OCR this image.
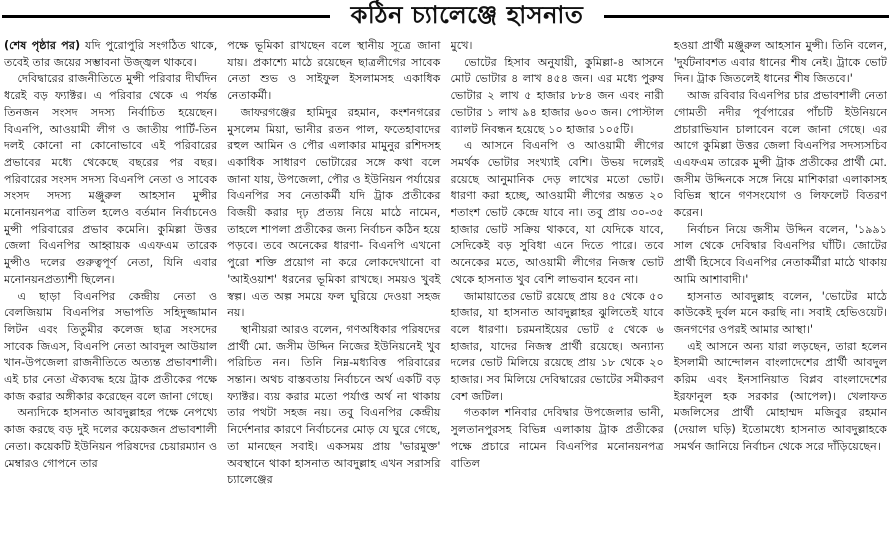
কঠিন চ্যালেঞ্জে হাসনাত

(শেষ পৃষ্ঠার পর) যদি পুরোপুরি সংগঠিত থাকে, তবেই তার জয়ের সম্ভাবনা উজ্জ্বল থাকবে।

দেবিদ্বারের রাজনীতিতে মুন্সী পরিবার দীর্ঘদিন ধরেই বড় ফ্যাক্টর। এ পরিবার থেকে এ পর্যন্ত তিনজন সংসদ সদস্য নির্বাচিত হয়েছেন। বিএনপি, আওয়ামী লীগ ও জাতীয় পার্টি-তিন দলই কোনো না কোনোভাবে এই পরিবারের প্রভাবের মধ্যে থেকেছে বছরের পর বছর। পরিবারের সংসদ সদস্য বিএনপি নেতা ও সাবেক সংসদ সদস্য মঞ্জুরুল আহসান মুন্সীর মনোনয়নপত্র বাতিল হলেও বর্তমান নির্বাচনেও মুন্সী পরিবারের প্রভাব কমেনি। কুমিল্লা উত্তর জেলা বিএনপির আহ্বায়ক এএফএম তারেক মুন্সীও দলের গুরুত্বপূর্ণ নেতা, যিনি এবার মনোনয়নপ্রত্যাশী ছিলেন।

এ ছাড়া বিএনপির কেন্দ্রীয় নেতা ও বেলজিয়াম বিএনপির সভাপতি সহিদুজ্জামান লিটন এবং তিতুমীর কলেজ ছাত্র সংসদের সাবেক জিএস, বিএনপি নেতা আবদুল আউয়াল খান-উপজেলা রাজনীতিতে অত্যন্ত প্রভাবশালী। এই চার নেতা ঐক্যবদ্ধ হয়ে ট্রাক প্রতীকের পক্ষে কাজ করার অঙ্গীকার করেছেন বলে জানা গেছে।

অন্যদিকে হাসনাত আবদুল্লাহর পক্ষে নেপথ্যে কাজ করছে বড় দুই দলের কয়েকজন প্রভাবশালী নেতা। কয়েকটি ইউনিয়ন পরিষদের চেয়ারম্যান ও মেম্বারও গোপনে তার

পক্ষে ভূমিকা রাখছেন বলে স্থানীয় সূত্রে জানা যায়। প্রকাশ্যে মাঠে রয়েছেন ছাত্রলীগের সাবেক নেতা শুভ ও সাইফুল ইসলামসহ একাধিক নেতাকর্মী।

জাফরগঞ্জের হামিদুর রহমান, কংশনগরের মুসলেম মিয়া, ভানীর রতন পাল, ফতেহাবাদের রহুল আমিন ও পৌর এলাকার মামুনুর রশিদসহ একাধিক সাধারণ ভোটারের সঙ্গে কথা বলে জানা যায়, উপজেলা, পৌর ও ইউনিয়ন পর্যায়ের বিএনপির সব নেতাকর্মী যদি ট্রাক প্রতীকের বিজয়ী করার দৃঢ় প্রত্যয় নিয়ে মাঠে নামেন, তাহলে শাপলা প্রতীকের জন্য নির্বাচন কঠিন হয়ে পড়বে। তবে অনেকের ধারণা- বিএনপি এখনো পুরো শক্তি প্রয়োগ না করে লোকদেখানো বা 'আইওয়াশ' ধরনের ভূমিকা রাখছে। সময়ও খুবই স্বল্প। এত অল্প সময়ে ফল ঘুরিয়ে দেওয়া সহজ নয়।

স্থানীয়রা আরও বলেন, গণঅধিকার পরিষদের প্রার্থী মো. জসীম উদ্দিন নিজের ইউনিয়নেই খুব পরিচিত নন। তিনি নিম্ন-মধ্যবিত্ত পরিবারের সন্তান। অথচ বাস্তবতায় নির্বাচনে অর্থ একটি বড় ফ্যাক্টর। ব্যয় করার মতো পর্যাপ্ত অর্থ না থাকায় তার পথটা সহজ নয়। তবু বিএনপির কেন্দ্রীয় নির্দেশনার কারণে নির্বাচনের মোড় যে ঘুরে গেছে, তা মানছেন সবাই। একসময় প্রায় 'ভারমুক্ত' অবস্থানে থাকা হাসনাত আবদুল্লাহ এখন সরাসরি চ্যালেঞ্জের

মুখে।

ভোটের হিসাব অনুযায়ী, কুমিল্লা-৪ আসনে মোট ভোটার ৪ লাখ ৪৫৪ জন। এর মধ্যে পুরুষ ভোটার ২ লাখ ৫ হাজার ৮৮৪ জন এবং নারী ভোটার ১ লাখ ৯৪ হাজার ৬০৩ জন। পোস্টাল ব্যালট নিবন্ধন হয়েছে ১০ হাজার ১০৫টি।

এ আসনে বিএনপি ও আওয়ামী লীগের সমর্থক ভোটার সংখ্যাই বেশি। উভয় দলেরই রয়েছে আনুমানিক দেড় লাখের মতো ভোট। ধারণা করা হচ্ছে, আওয়ামী লীগের অন্তত ২০ শতাংশ ভোট কেন্দ্রে যাবে না। তবু প্রায় ৩০-৩৫ হাজার ভোট সক্রিয় থাকবে, যা যেদিকে যাবে, সেদিকেই বড় সুবিধা এনে দিতে পারে। তবে অনেকের মতে, আওয়ামী লীগের নিজস্ব ভোট থেকে হাসনাত খুব বেশি লাভবান হবেন না।

জামায়াতের ভোট রয়েছে প্রায় ৪৫ থেকে ৫০ হাজার, যা হাসনাত আবদুল্লাহর ঝুলিতেই যাবে বলে ধারণা। চরমনাইয়ের ভোট ৫ থেকে ৬ হাজার, যাদের নিজস্ব প্রার্থী রয়েছে। অন্যান্য দলের ভোট মিলিয়ে রয়েছে প্রায় ১৮ থেকে ২০ হাজার। সব মিলিয়ে দেবিদ্বারের ভোটের সমীকরণ বেশ জটিল।

গতকাল শনিবার দেবিদ্বার উপজেলার ভানী, সুলতানপুরসহ বিভিন্ন এলাকায় ট্রাক প্রতীকের পক্ষে প্রচারে নামেন বিএনপির মনোনয়নপত্র বাতিল

হওয়া প্রার্থী মঞ্জুরুল আহসান মুন্সী। তিনি বলেন, 'দুর্যটনাবশত এবার ধানের শীষ নেই। ট্রাকে ভোট দিন। ট্রাক জিতলেই ধানের শীষ জিতবে।'

আজ রবিবার বিএনপির চার প্রভাবশালী নেতা গোমতী নদীর পূর্বপারের পাঁচটি ইউনিয়নে প্রচারাভিযান চালাবেন বলে জানা গেছে। এর আগে কুমিল্লা উত্তর জেলা বিএনপির সদস্যসচিব এএফএম তারেক মুন্সী ট্রাক প্রতীকের প্রার্থী মো. জসীম উদ্দিনকে সঙ্গে নিয়ে মাশিকারা এলাকাসহ বিভিন্ন স্থানে গণসংযোগ ও লিফলেট বিতরণ করেন।

নির্বাচন নিয়ে জসীম উদ্দিন বলেন, '১৯৯১ সাল থেকে দেবিদ্বার বিএনপির ঘাঁটি। জোটের প্রার্থী হিসেবে বিএনপির নেতাকর্মীরা মাঠে থাকায় আমি আশাবাদী।'

হাসনাত আবদুল্লাহ বলেন, 'ভোটের মাঠে কাউকেই দুর্বল মনে করছি না। সবাই হেভিওয়েট। জনগণের ওপরই আমার আস্থা।'

এই আসনে অন্য যারা লড়ছেন, তারা হলেন ইসলামী আন্দোলন বাংলাদেশের প্রার্থী আবদুল করিম এবং ইনসানিয়াত বিপ্লব বাংলাদেশের ইরফানুল হক সরকার (আপেল)। খেলাফত মজলিসের প্রার্থী মোহাম্মদ মজিবুর রহমান (দেয়াল ঘড়ি) ইতোমধ্যে হাসনাত আবদুল্লাহকে সমর্থন জানিয়ে নির্বাচন থেকে সরে দাঁড়িয়েছেন।
